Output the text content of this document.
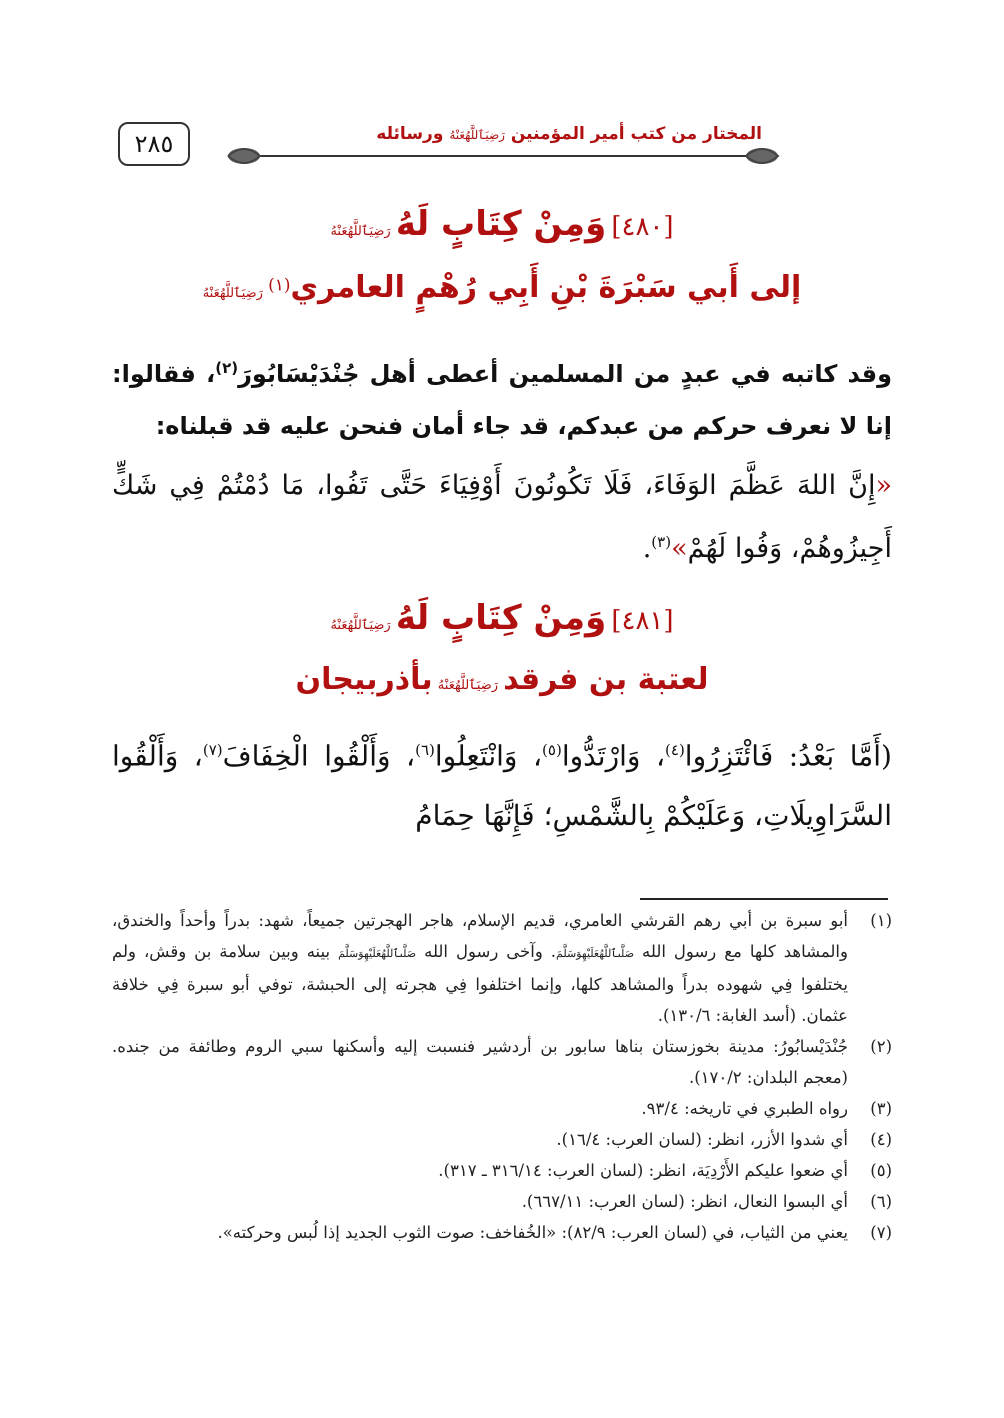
٢٨٥	المختار من كتب أمير المؤمنين رَضِيَٱللَّهُعَنْهُ ورسائله
[٤٨٠] وَمِنْ كِتَابٍ لَهُ رَضِيَٱللَّهُعَنْهُ
إلى أَبي سَبْرَةَ بْنِ أَبِي رُهْمٍ العامري(١) رَضِيَٱللَّهُعَنْهُ
وقد كاتبه في عبدٍ من المسلمين أعطى أهل جُنْدَيْسَابُورَ$^{(٢)}$، فقالوا: إنا لا نعرف حركم من عبدكم، قد جاء أمان فنحن عليه قد قبلناه:
«إِنَّ اللهَ عَظَّمَ الوَفَاءَ، فَلَا تَكُونُونَ أَوْفِيَاءَ حَتَّى تَفُوا، مَا دُمْتُمْ فِي شَكٍّ أَجِيزُوهُمْ، وَفُوا لَهُمْ»$^{(٣)}$.
[٤٨١] وَمِنْ كِتَابٍ لَهُ رَضِيَٱللَّهُعَنْهُ
لعتبة بن فرقد رَضِيَٱللَّهُعَنْهُ بأذربيجان
(أَمَّا بَعْدُ: فَائْتَزِرُوا$^{(٤)}$، وَارْتَدُّوا$^{(٥)}$، وَانْتَعِلُوا$^{(٦)}$، وَأَلْقُوا الْخِفَافَ$^{(٧)}$، وَأَلْقُوا السَّرَاوِيلَاتِ، وَعَلَيْكُمْ بِالشَّمْسِ؛ فَإِنَّهَا حِمَامُ
(١)
أبو سبرة بن أبي رهم القرشي العامري، قديم الإسلام، هاجر الهجرتين جميعاً، شهد: بدراً وأحداً والخندق، والمشاهد كلها مع رسول الله صَلَّىٱللَّهُعَلَيْهِوَسَلَّمَ. وآخى رسول الله صَلَّىٱللَّهُعَلَيْهِوَسَلَّمَ بينه وبين سلامة بن وقش، ولم يختلفوا فِي شهوده بدراً والمشاهد كلها، وإنما اختلفوا فِي هجرته إلى الحبشة، توفي أبو سبرة فِي خلافة عثمان. (أسد الغابة: ١٣٠/٦).
(٢)
جُنْدَيْسابُورُ: مدينة بخوزستان بناها سابور بن أردشير فنسبت إليه وأسكنها سبي الروم وطائفة من جنده. (معجم البلدان: ١٧٠/٢).
(٣)
رواه الطبري في تاريخه: ٩٣/٤.
(٤)
أي شدوا الأزر، انظر: (لسان العرب: ١٦/٤).
(٥)
أي ضعوا عليكم الأَرْدِيَة، انظر: (لسان العرب: ٣١٦/١٤ ـ ٣١٧).
(٦)
أي البسوا النعال، انظر: (لسان العرب: ٦٦٧/١١).
(٧)
يعني من الثياب، في (لسان العرب: ٨٢/٩): «الخُفاخف: صوت الثوب الجديد إذا لُبس وحركته».
